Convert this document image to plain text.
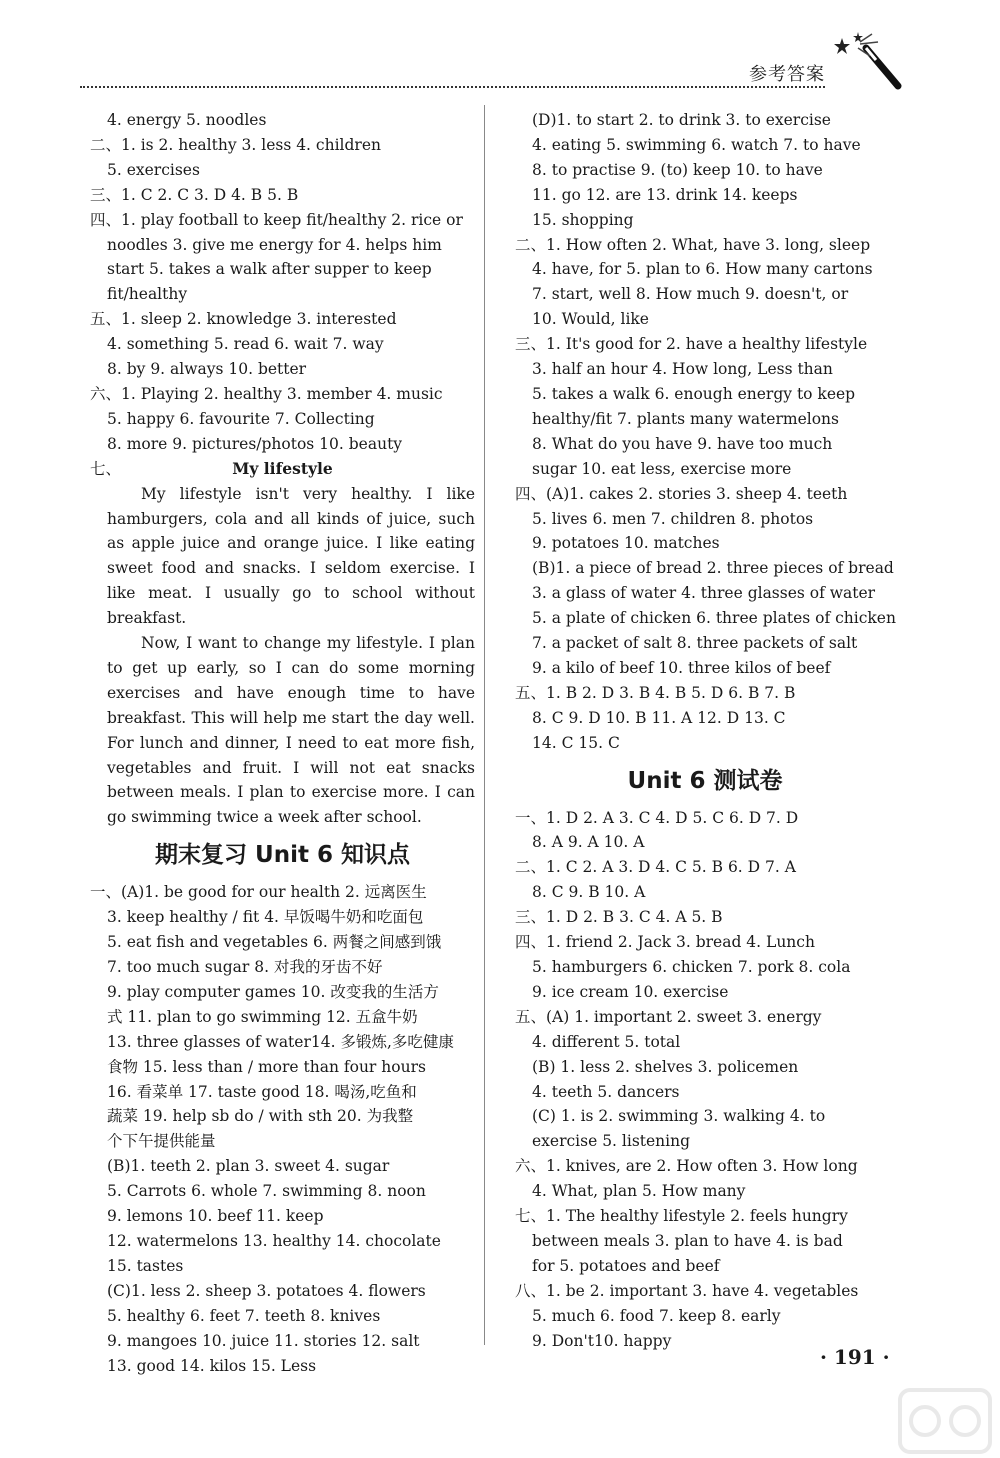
参考答案
4. energy 5. noodles
二、1. is 2. healthy 3. less 4. children
5. exercises
三、1. C 2. C 3. D 4. B 5. B
四、1. play football to keep fit/healthy 2. rice or
noodles 3. give me energy for 4. helps him
start 5. takes a walk after supper to keep
fit/healthy
五、1. sleep 2. knowledge 3. interested
4. something 5. read 6. wait 7. way
8. by 9. always 10. better
六、1. Playing 2. healthy 3. member 4. music
5. happy 6. favourite 7. Collecting
8. more 9. pictures/photos 10. beauty
七、	My lifestyle
My lifestyle isn't very healthy. I like hamburgers, cola and all kinds of juice, such as apple juice and orange juice. I like eating sweet food and snacks. I seldom exercise. I like meat. I usually go to school without breakfast.
Now, I want to change my lifestyle. I plan to get up early, so I can do some morning exercises and have enough time to have breakfast. This will help me start the day well. For lunch and dinner, I need to eat more fish, vegetables and fruit. I will not eat snacks between meals. I plan to exercise more. I can go swimming twice a week after school.
期末复习 Unit 6 知识点
一、(A)1. be good for our health 2. 远离医生
3. keep healthy / fit 4. 早饭喝牛奶和吃面包
5. eat fish and vegetables 6. 两餐之间感到饿
7. too much sugar 8. 对我的牙齿不好
9. play computer games 10. 改变我的生活方
式 11. plan to go swimming 12. 五盒牛奶
13. three glasses of water14. 多锻炼,多吃健康
食物 15. less than / more than four hours
16. 看菜单 17. taste good 18. 喝汤,吃鱼和
蔬菜 19. help sb do / with sth 20. 为我整
个下午提供能量
(B)1. teeth 2. plan 3. sweet 4. sugar
5. Carrots 6. whole 7. swimming 8. noon
9. lemons 10. beef 11. keep
12. watermelons 13. healthy 14. chocolate
15. tastes
(C)1. less 2. sheep 3. potatoes 4. flowers
5. healthy 6. feet 7. teeth 8. knives
9. mangoes 10. juice 11. stories 12. salt
13. good 14. kilos 15. Less
(D)1. to start 2. to drink 3. to exercise
4. eating 5. swimming 6. watch 7. to have
8. to practise 9. (to) keep 10. to have
11. go 12. are 13. drink 14. keeps
15. shopping
二、1. How often 2. What, have 3. long, sleep
4. have, for 5. plan to 6. How many cartons
7. start, well 8. How much 9. doesn't, or
10. Would, like
三、1. It's good for 2. have a healthy lifestyle
3. half an hour 4. How long, Less than
5. takes a walk 6. enough energy to keep
healthy/fit 7. plants many watermelons
8. What do you have 9. have too much
sugar 10. eat less, exercise more
四、(A)1. cakes 2. stories 3. sheep 4. teeth
5. lives 6. men 7. children 8. photos
9. potatoes 10. matches
(B)1. a piece of bread 2. three pieces of bread
3. a glass of water 4. three glasses of water
5. a plate of chicken 6. three plates of chicken
7. a packet of salt 8. three packets of salt
9. a kilo of beef 10. three kilos of beef
五、1. B 2. D 3. B 4. B 5. D 6. B 7. B
8. C 9. D 10. B 11. A 12. D 13. C
14. C 15. C
Unit 6 测试卷
一、1. D 2. A 3. C 4. D 5. C 6. D 7. D
8. A 9. A 10. A
二、1. C 2. A 3. D 4. C 5. B 6. D 7. A
8. C 9. B 10. A
三、1. D 2. B 3. C 4. A 5. B
四、1. friend 2. Jack 3. bread 4. Lunch
5. hamburgers 6. chicken 7. pork 8. cola
9. ice cream 10. exercise
五、(A) 1. important 2. sweet 3. energy
4. different 5. total
(B) 1. less 2. shelves 3. policemen
4. teeth 5. dancers
(C) 1. is 2. swimming 3. walking 4. to
exercise 5. listening
六、1. knives, are 2. How often 3. How long
4. What, plan 5. How many
七、1. The healthy lifestyle 2. feels hungry
between meals 3. plan to have 4. is bad
for 5. potatoes and beef
八、1. be 2. important 3. have 4. vegetables
5. much 6. food 7. keep 8. early
9. Don't10. happy
· 191 ·
